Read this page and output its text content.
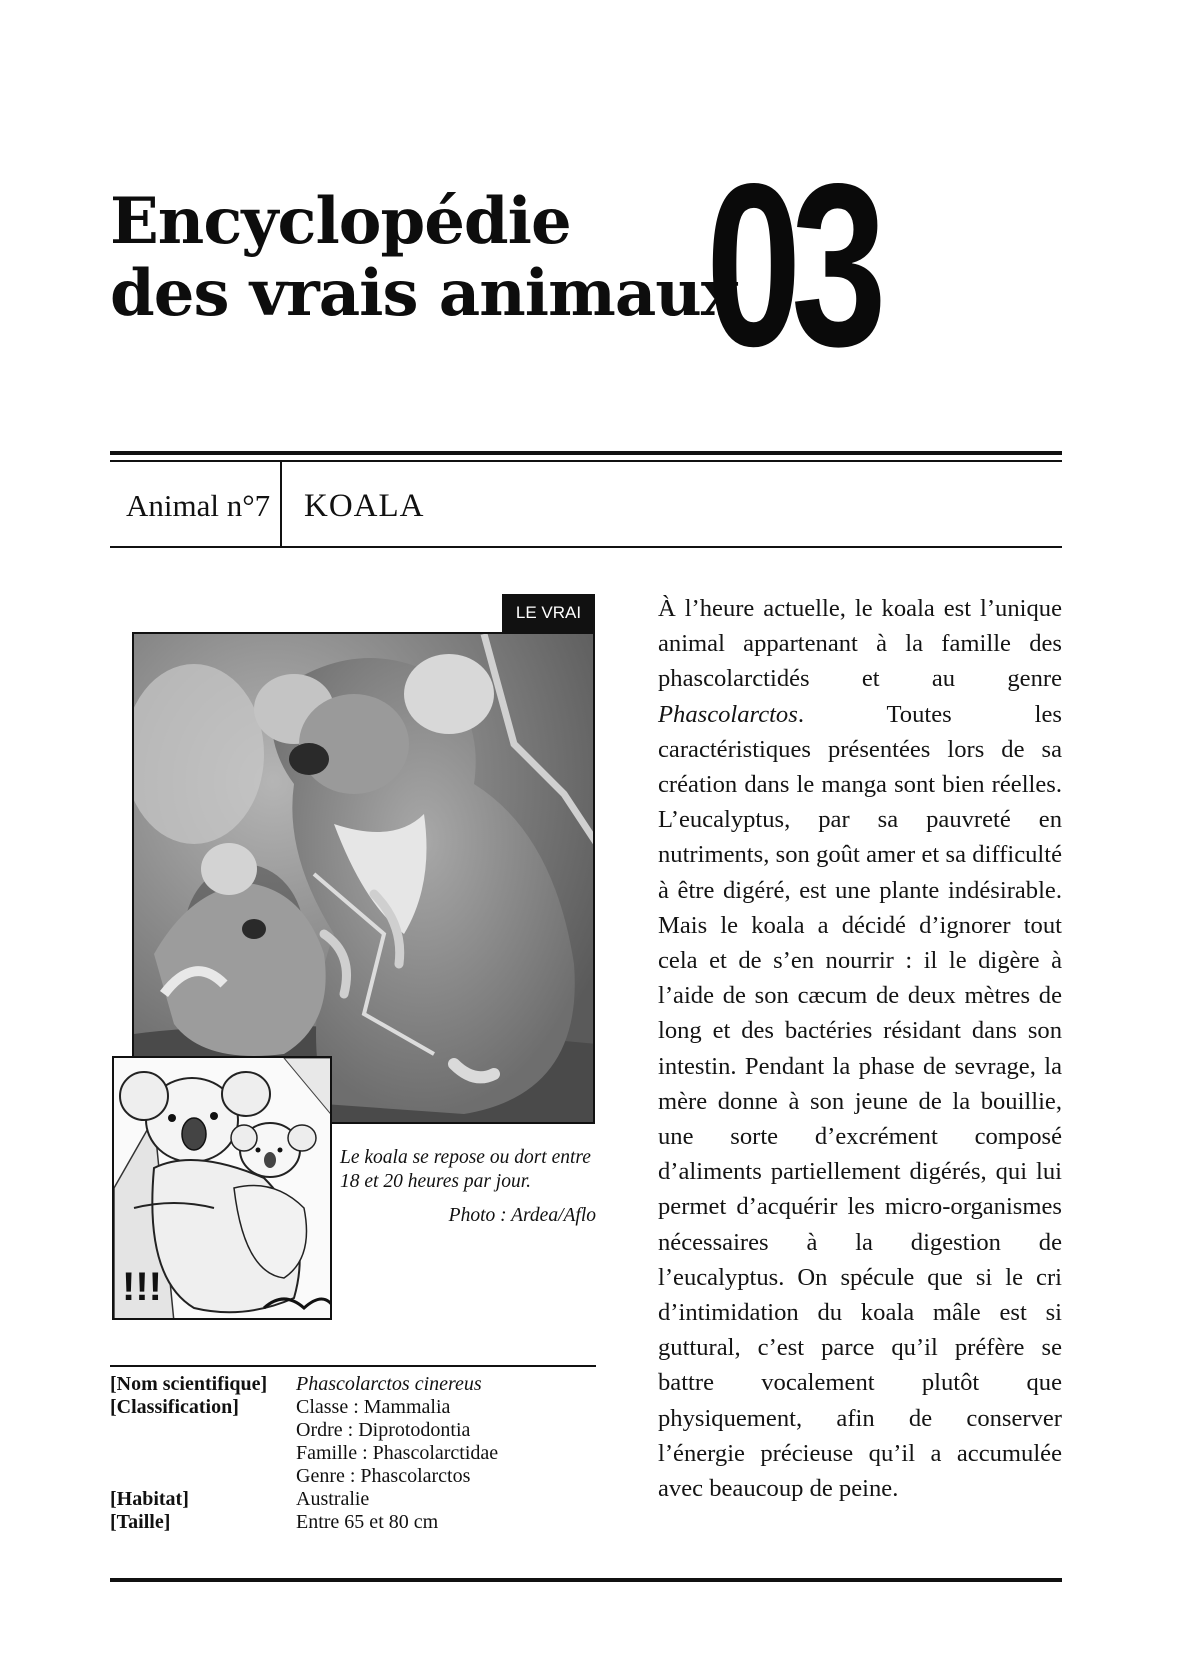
Encyclopédie
des vrais animaux
03
Animal n°7 KOALA
LE VRAI
!!!
Le koala se repose ou dort entre 18 et 20 heures par jour.
Photo : Ardea/Aflo
[Nom scientifique] Phascolarctos cinereus
[Classification]	Classe : Mammalia
Ordre : Diprotodontia
Famille : Phascolarctidae
Genre : Phascolarctos
[Habitat]	Australie
[Taille]	Entre 65 et 80 cm

À l’heure actuelle, le koala est l’unique animal appartenant à la famille des phascolarctidés et au genre Phascolarctos. Toutes les caractéristiques présentées lors de sa création dans le manga sont bien réelles. L’eucalyptus, par sa pauvreté en nutriments, son goût amer et sa difficulté à être digéré, est une plante indésirable. Mais le koala a décidé d’ignorer tout cela et de s’en nourrir : il le digère à l’aide de son cæcum de deux mètres de long et des bactéries résidant dans son intestin. Pendant la phase de sevrage, la mère donne à son jeune de la bouillie, une sorte d’excrément composé d’aliments partiellement digérés, qui lui permet d’acquérir les micro-organismes nécessaires à la digestion de l’eucalyptus. On spécule que si le cri d’intimidation du koala mâle est si guttural, c’est parce qu’il préfère se battre vocalement plutôt que physiquement, afin de conserver l’énergie précieuse qu’il a accumulée avec beaucoup de peine.
